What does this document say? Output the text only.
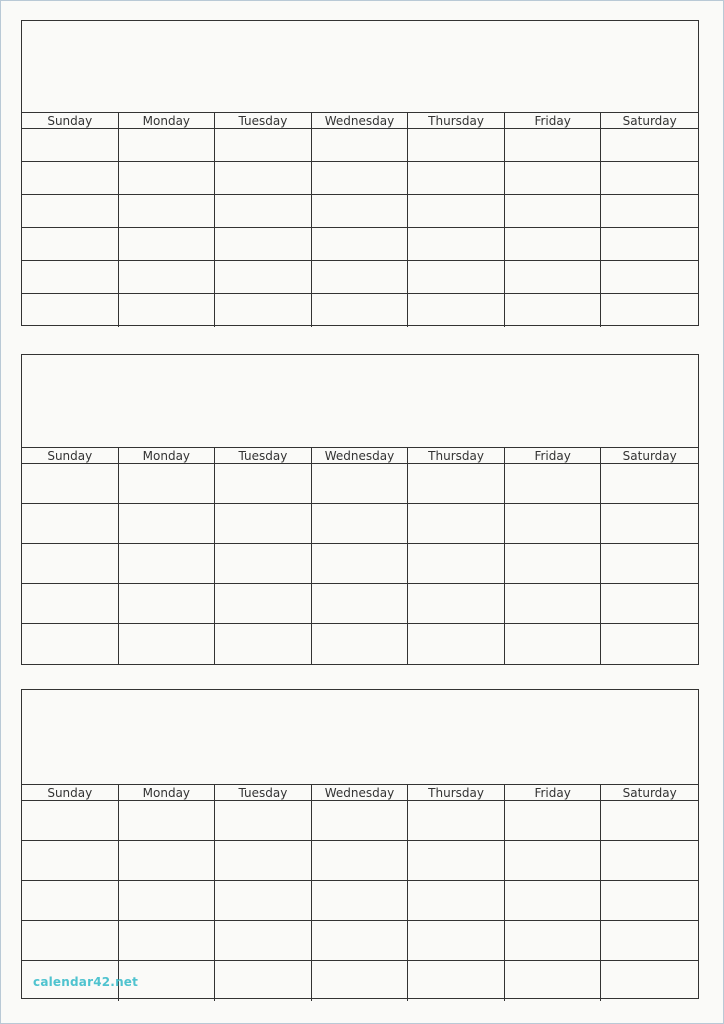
Sunday	Monday	Tuesday	Wednesday	Thursday	Friday	Saturday
Sunday	Monday	Tuesday	Wednesday	Thursday	Friday	Saturday
Sunday	Monday	Tuesday	Wednesday	Thursday	Friday	Saturday
calendar42.net
